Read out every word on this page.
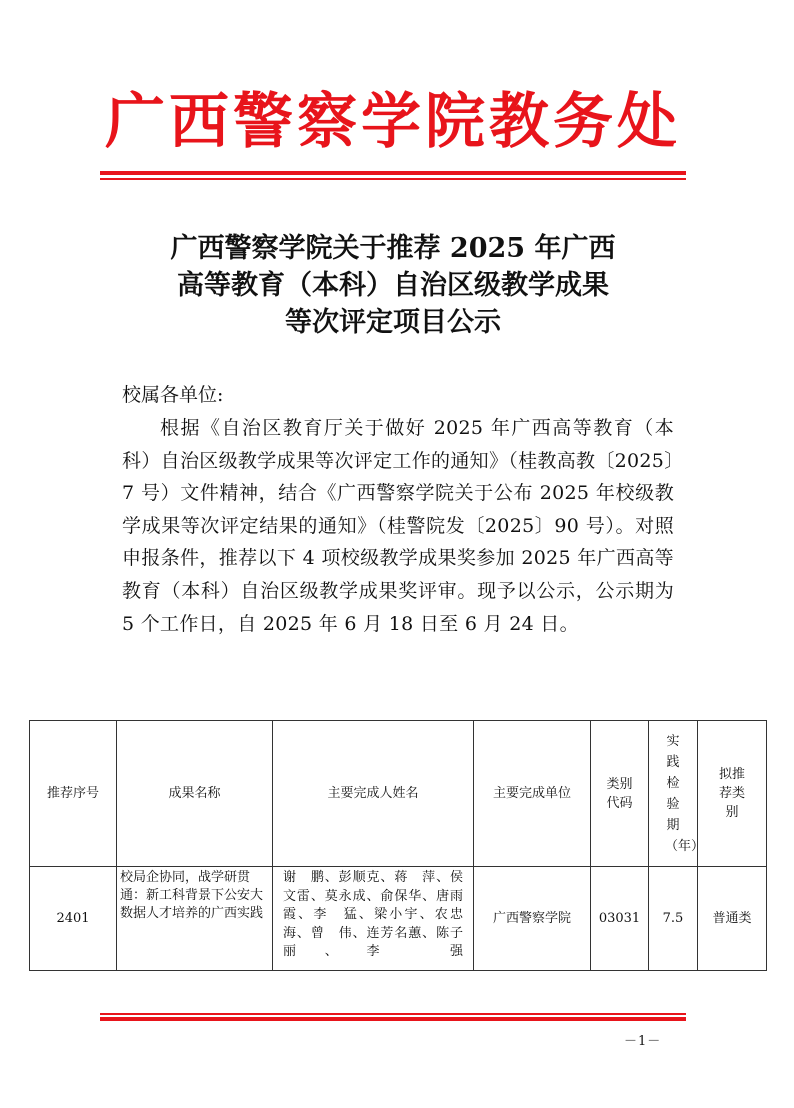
广西警察学院教务处
广西警察学院关于推荐 2025 年广西
高等教育（本科）自治区级教学成果
等次评定项目公示
校属各单位:
根据《自治区教育厅关于做好 2025 年广西高等教育（本科）自治区级教学成果等次评定工作的通知》（桂教高教〔2025〕7 号）文件精神，结合《广西警察学院关于公布 2025 年校级教学成果等次评定结果的通知》（桂警院发〔2025〕90 号）。对照申报条件，推荐以下 4 项校级教学成果奖参加 2025 年广西高等教育（本科）自治区级教学成果奖评审。现予以公示，公示期为 5 个工作日，自 2025 年 6 月 18 日至 6 月 24 日。
推荐序号	成果名称	主要完成人姓名	主要完成单位	类别代码	实践检验期（年）	拟推荐类别

2401	校局企协同，战学研贯通：新工科背景下公安大数据人才培养的广西实践	谢　鹏、彭顺克、蒋　萍、侯文雷、莫永成、俞保华、唐雨霞、李　猛、梁小宇、农忠海、曾　伟、连芳名蕙、陈子丽、李　强	广西警察学院	03031	7.5	普通类
－1－
